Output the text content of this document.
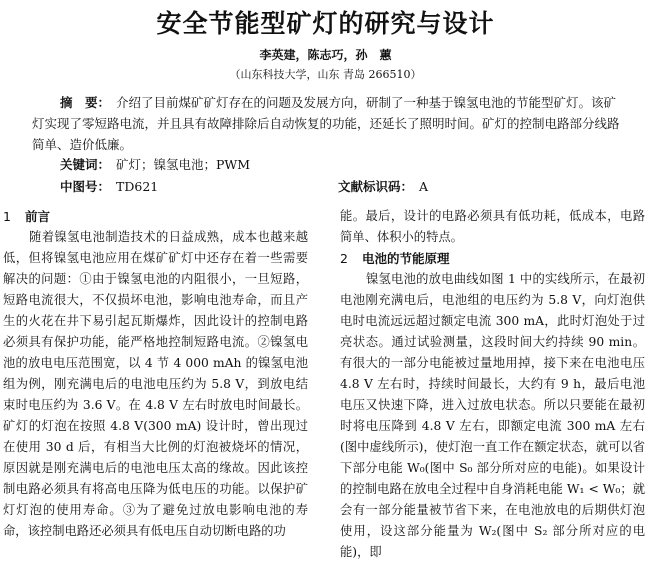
安全节能型矿灯的研究与设计
李英建，陈志巧，孙　蕙
（山东科技大学，山东 青岛 266510）
摘　要： 介绍了目前煤矿矿灯存在的问题及发展方向，研制了一种基于镍氢电池的节能型矿灯。该矿灯实现了零短路电流，并且具有故障排除后自动恢复的功能，还延长了照明时间。矿灯的控制电路部分线路简单、造价低廉。
关键词： 矿灯；镍氢电池；PWM
中图号： TD621	文献标识码： A
1 前言

随着镍氢电池制造技术的日益成熟，成本也越来越低，但将镍氢电池应用在煤矿矿灯中还存在着一些需要解决的问题：①由于镍氢电池的内阻很小，一旦短路，短路电流很大，不仅损坏电池，影响电池寿命，而且产生的火花在井下易引起瓦斯爆炸，因此设计的控制电路必须具有保护功能，能严格地控制短路电流。②镍氢电池的放电电压范围宽，以 4 节 4 000 mAh 的镍氢电池组为例，刚充满电后的电池电压约为 5.8 V，到放电结束时电压约为 3.6 V。在 4.8 V 左右时放电时间最长。矿灯的灯泡在按照 4.8 V(300 mA) 设计时，曾出现过在使用 30 d 后，有相当大比例的灯泡被烧坏的情况，原因就是刚充满电后的电池电压太高的缘故。因此该控制电路必须具有将高电压降为低电压的功能。以保护矿灯灯泡的使用寿命。③为了避免过放电影响电池的寿命，该控制电路还必须具有低电压自动切断电路的功

能。最后，设计的电路必须具有低功耗，低成本，电路简单、体积小的特点。

2 电池的节能原理

镍氢电池的放电曲线如图 1 中的实线所示，在最初电池刚充满电后，电池组的电压约为 5.8 V，向灯泡供电时电流远远超过额定电流 300 mA，此时灯泡处于过亮状态。通过试验测量，这段时间大约持续 90 min。有很大的一部分电能被过量地用掉，接下来在电池电压 4.8 V 左右时，持续时间最长，大约有 9 h，最后电池电压又快速下降，进入过放电状态。所以只要能在最初时将电压降到 4.8 V 左右，即额定电流 300 mA 左右(图中虚线所示)，使灯泡一直工作在额定状态，就可以省下部分电能 W₀(图中 S₀ 部分所对应的电能)。如果设计的控制电路在放电全过程中自身消耗电能 W₁ < W₀；就会有一部分能量被节省下来，在电池放电的后期供灯泡使用，设这部分能量为 W₂(图中 S₂ 部分所对应的电能)，即
